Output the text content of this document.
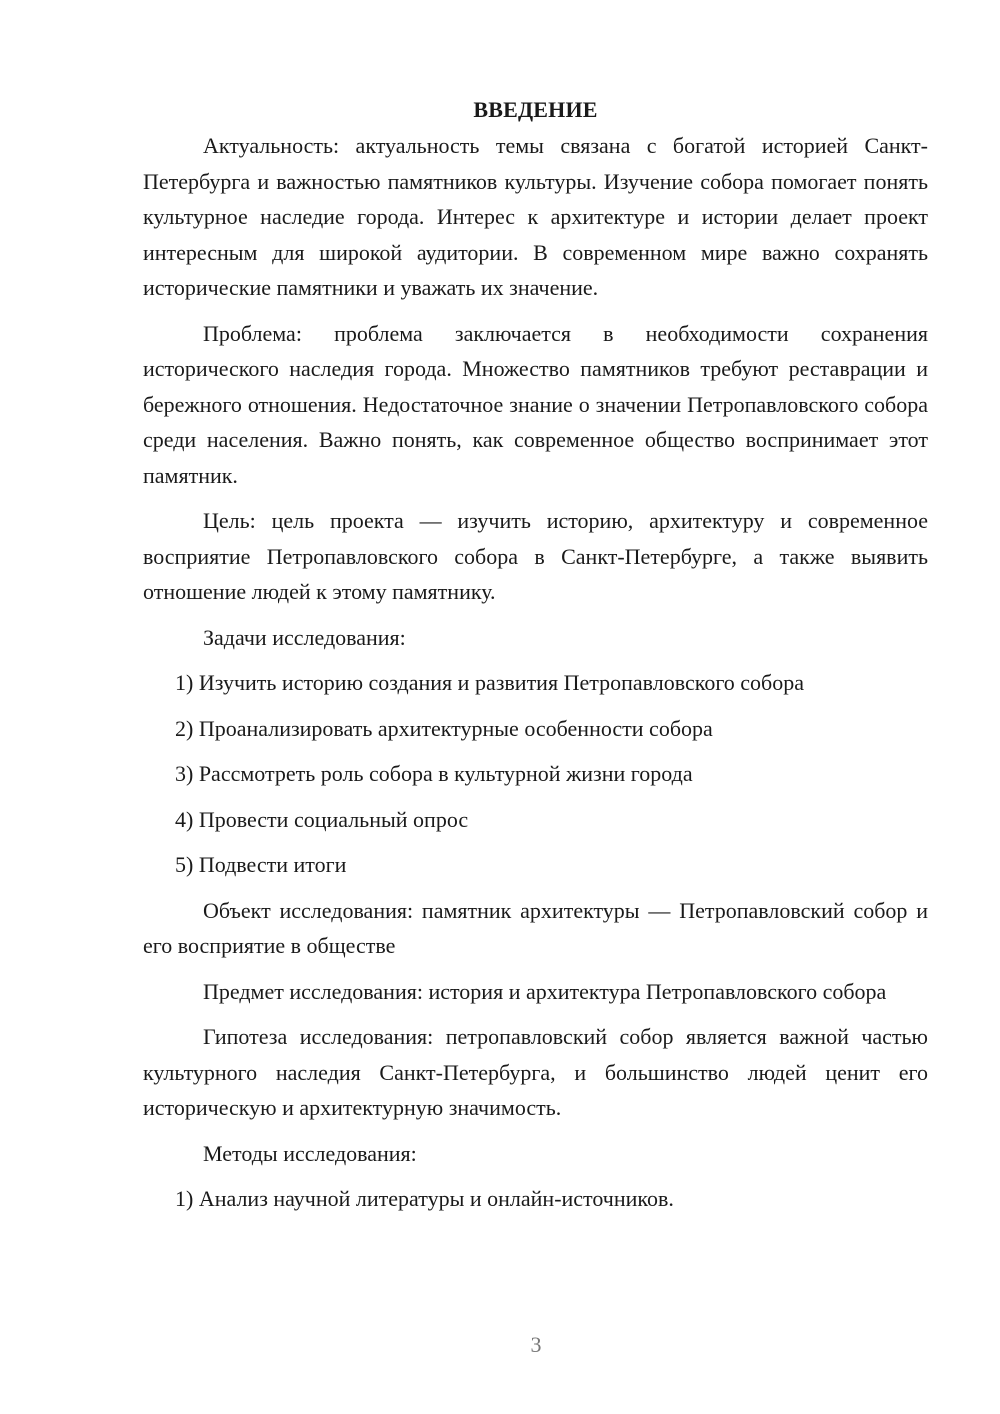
ВВЕДЕНИЕ

Актуальность: актуальность темы связана с богатой историей Санкт-Петербурга и важностью памятников культуры. Изучение собора помогает понять культурное наследие города. Интерес к архитектуре и истории делает проект интересным для широкой аудитории. В современном мире важно сохранять исторические памятники и уважать их значение.

Проблема: проблема заключается в необходимости сохранения исторического наследия города. Множество памятников требуют реставрации и бережного отношения. Недостаточное знание о значении Петропавловского собора среди населения. Важно понять, как современное общество воспринимает этот памятник.

Цель: цель проекта — изучить историю, архитектуру и современное восприятие Петропавловского собора в Санкт-Петербурге, а также выявить отношение людей к этому памятнику.

Задачи исследования:

1) Изучить историю создания и развития Петропавловского собора

2) Проанализировать архитектурные особенности собора

3) Рассмотреть роль собора в культурной жизни города

4) Провести социальный опрос

5) Подвести итоги

Объект исследования: памятник архитектуры — Петропавловский собор и его восприятие в обществе

Предмет исследования: история и архитектура Петропавловского собора

Гипотеза исследования: петропавловский собор является важной частью культурного наследия Санкт-Петербурга, и большинство людей ценит его историческую и архитектурную значимость.

Методы исследования:

1) Анализ научной литературы и онлайн-источников.

3
